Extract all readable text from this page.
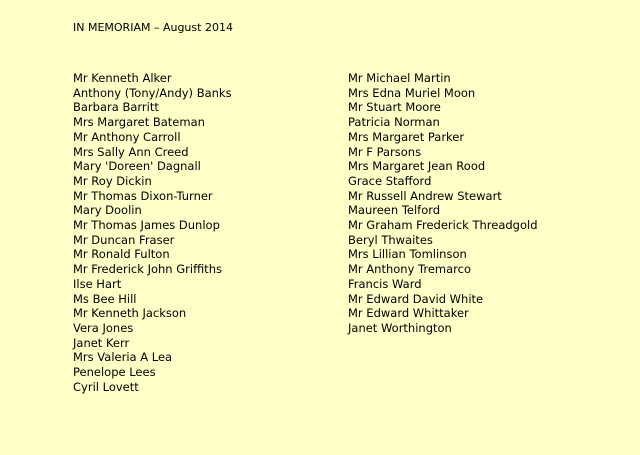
IN MEMORIAM – August 2014
Mr Kenneth Alker
Anthony (Tony/Andy) Banks
Barbara Barritt
Mrs Margaret Bateman
Mr Anthony Carroll
Mrs Sally Ann Creed
Mary 'Doreen' Dagnall
Mr Roy Dickin
Mr Thomas Dixon-Turner
Mary Doolin
Mr Thomas James Dunlop
Mr Duncan Fraser
Mr Ronald Fulton
Mr Frederick John Griffiths
Ilse Hart
Ms Bee Hill
Mr Kenneth Jackson
Vera Jones
Janet Kerr
Mrs Valeria A Lea
Penelope Lees
Cyril Lovett
Mr Michael Martin
Mrs Edna Muriel Moon
Mr Stuart Moore
Patricia Norman
Mrs Margaret Parker
Mr F Parsons
Mrs Margaret Jean Rood
Grace Stafford
Mr Russell Andrew Stewart
Maureen Telford
Mr Graham Frederick Threadgold
Beryl Thwaites
Mrs Lillian Tomlinson
Mr Anthony Tremarco
Francis Ward
Mr Edward David White
Mr Edward Whittaker
Janet Worthington
